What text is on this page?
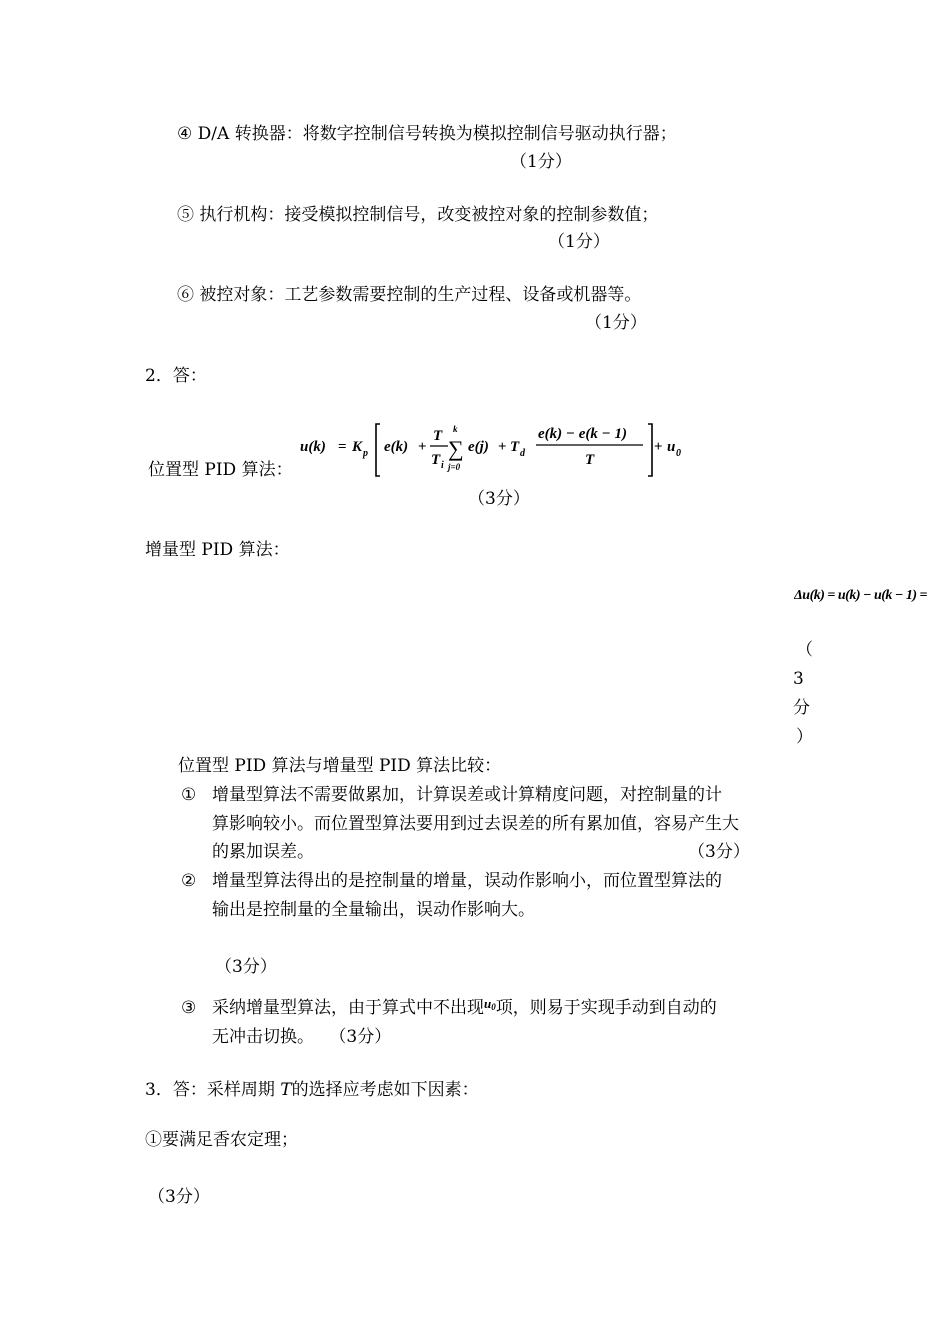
④ D/A 转换器：将数字控制信号转换为模拟控制信号驱动执行器；
（1分）
⑤ 执行机构：接受模拟控制信号，改变被控对象的控制参数值；
（1分）
⑥ 被控对象：工艺参数需要控制的生产过程、设备或机器等。
（1分）
2．答：
位置型 PID 算法：
u(k) = K p e(k) +
T
T i
k
∑
j=0
e(j) + T d
e(k) − e(k − 1)
T
+ u 0
（3分）
增量型 PID 算法：
Δu(k) = u(k) − u(k − 1) =
（
3
分
）
位置型 PID 算法与增量型 PID 算法比较：
① 增量型算法不需要做累加，计算误差或计算精度问题，对控制量的计
算影响较小。而位置型算法要用到过去误差的所有累加值，容易产生大
的累加误差。	（3分）
② 增量型算法得出的是控制量的增量，误动作影响小，而位置型算法的
输出是控制量的全量输出，误动作影响大。
（3分）
③ 采纳增量型算法，由于算式中不出现$^u$0项，则易于实现手动到自动的
无冲击切换。 （3分）
3．答：采样周期 T的选择应考虑如下因素：
①要满足香农定理；
（3分）
